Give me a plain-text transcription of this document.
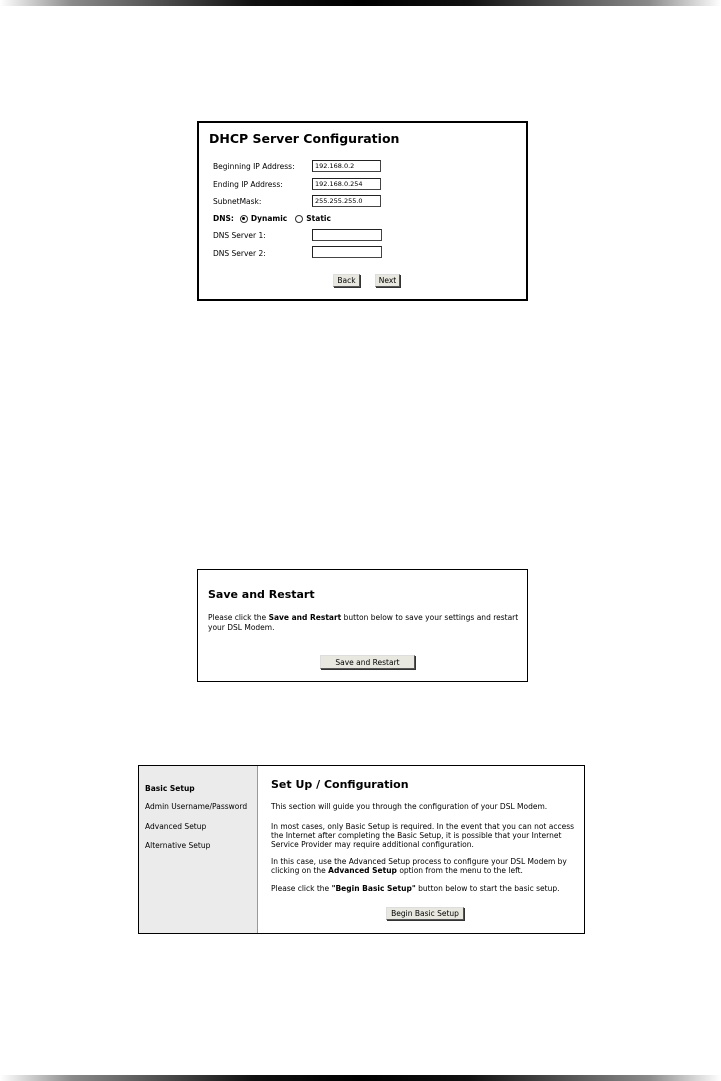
DHCP Server Configuration
Beginning IP Address:
192.168.0.2
Ending IP Address:
192.168.0.254
SubnetMask:
255.255.255.0
DNS: Dynamic	Static
DNS Server 1:
DNS Server 2:
Back	Next
Save and Restart
Please click the Save and Restart button below to save your settings and restart your DSL Modem.
Save and Restart
Basic Setup
Admin Username/Password
Advanced Setup
Alternative Setup
Set Up / Configuration
This section will guide you through the configuration of your DSL Modem.
In most cases, only Basic Setup is required. In the event that you can not access the Internet after completing the Basic Setup, it is possible that your Internet Service Provider may require additional configuration.
In this case, use the Advanced Setup process to configure your DSL Modem by clicking on the Advanced Setup option from the menu to the left.
Please click the "Begin Basic Setup" button below to start the basic setup.
Begin Basic Setup
